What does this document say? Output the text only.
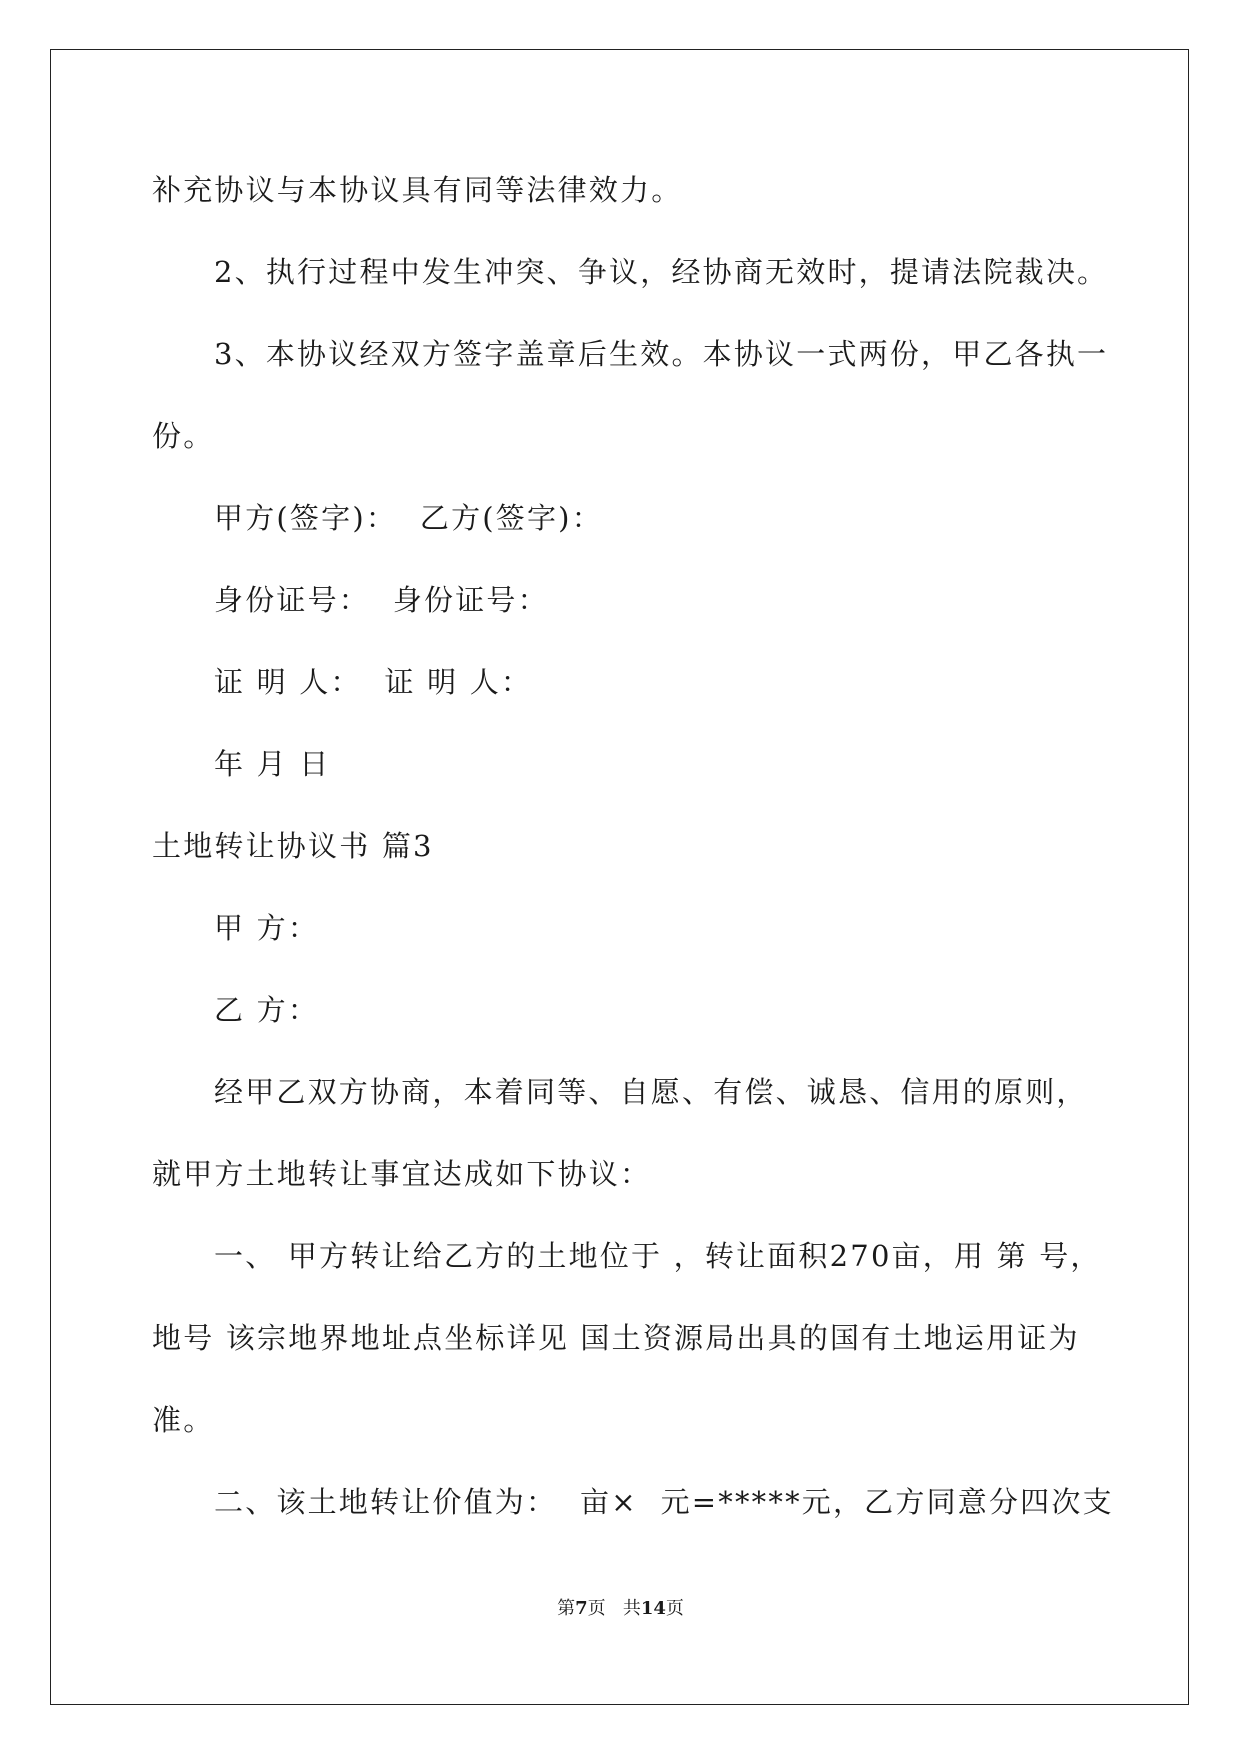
补充协议与本协议具有同等法律效力。
2、执行过程中发生冲突、争议，经协商无效时，提请法院裁决。
3、本协议经双方签字盖章后生效。本协议一式两份，甲乙各执一
份。
甲方(签字)：  乙方(签字)：
身份证号：  身份证号：
证 明 人：  证 明 人：
年 月 日
土地转让协议书 篇3
甲 方：
乙 方：
经甲乙双方协商，本着同等、自愿、有偿、诚恳、信用的原则，
就甲方土地转让事宜达成如下协议：
一、 甲方转让给乙方的土地位于 ，转让面积270亩，用 第 号，
地号 该宗地界地址点坐标详见 国土资源局出具的国有土地运用证为
准。
二、该土地转让价值为：  亩×  元=*****元，乙方同意分四次支
第7页 共14页
